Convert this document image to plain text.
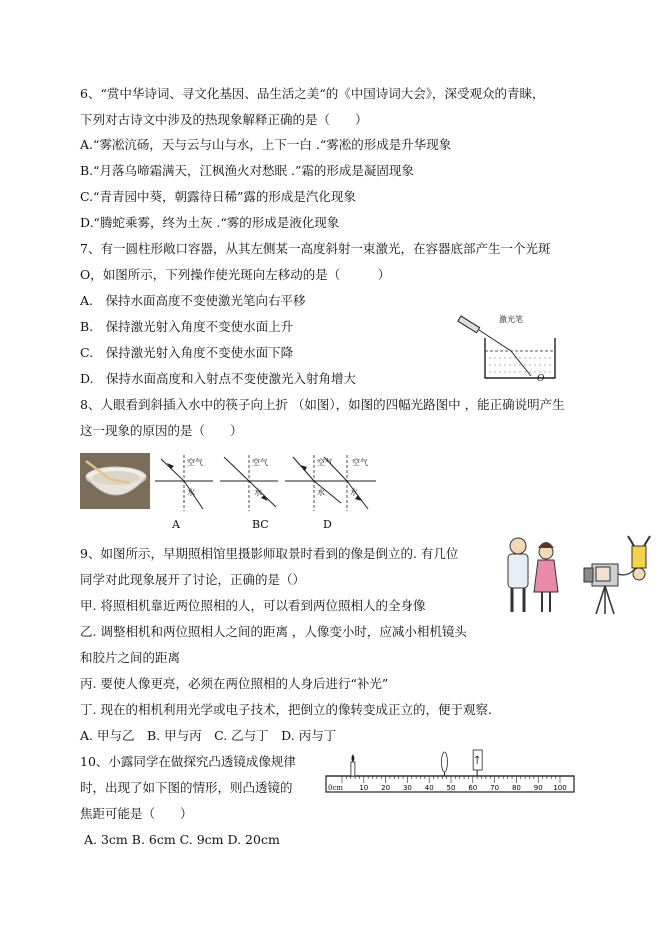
6、“赏中华诗词、寻文化基因、品生活之美“的《中国诗词大会》，深受观众的青睐，
下列对古诗文中涉及的热现象解释正确的是（　　）
A.“雾凇沆砀，天与云与山与水，上下一白 .“雾凇的形成是升华现象
B.“月落乌啼霜满天，江枫渔火对愁眠 .”霜的形成是凝固现象
C.“青青园中葵，朝露待日稀”露的形成是汽化现象
D.“腾蛇乘雾，终为土灰 .“雾的形成是液化现象
7、有一圆柱形敞口容器，从其左侧某一高度斜射一束激光，在容器底部产生一个光斑
O，如图所示，下列操作使光斑向左移动的是（　　　）
A.　保持水面高度不变使激光笔向右平移
B.　保持激光射入角度不变使水面上升
C.　保持激光射入角度不变使水面下降
D.　保持水面高度和入射点不变使激光入射角增大
激光笔
O
8、人眼看到斜插入水中的筷子向上折 （如图），如图的四幅光路图中 ，能正确说明产生
这一现象的原因的是（　　）
空气
水
空气
水
空气
水
空气
水
A	BC	D
9、如图所示，早期照相馆里摄影师取景时看到的像是倒立的. 有几位
同学对此现象展开了讨论，正确的是（）
甲. 将照相机靠近两位照相的人，可以看到两位照相人的全身像
乙. 调整相机和两位照相人之间的距离 ，人像变小时，应减小相机镜头
和胶片之间的距离
丙. 要使人像更亮，必须在两位照相的人身后进行“补光”
丁. 现在的相机利用光学或电子技术，把倒立的像转变成正立的，便于观察.
A. 甲与乙　B. 甲与丙　C. 乙与丁　D. 丙与丁
10、小露同学在做探究凸透镜成像规律
时，出现了如下图的情形，则凸透镜的
焦距可能是（　　）
A. 3cm B. 6cm C. 9cm D. 20cm
10 20 30 40 50 60 70 80 90 100
0cm
